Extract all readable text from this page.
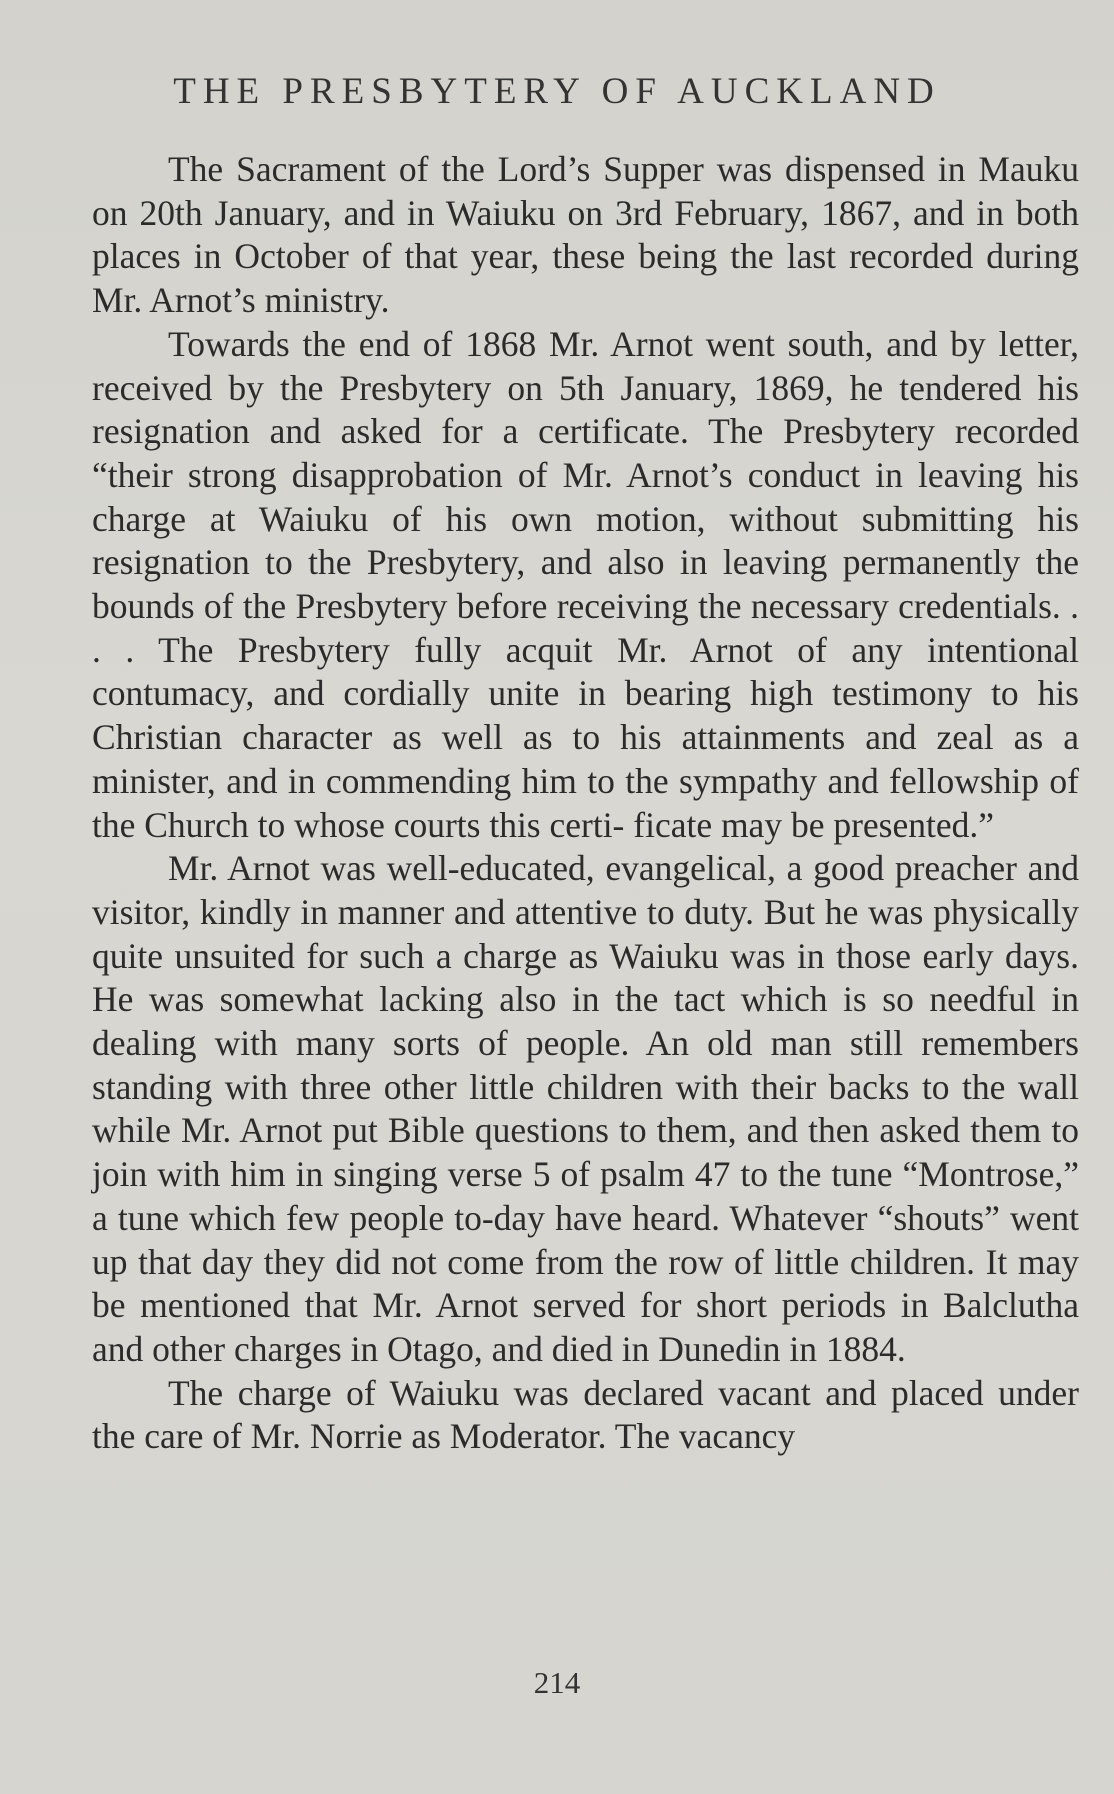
THE PRESBYTERY OF AUCKLAND

The Sacrament of the Lord’s Supper was dispensed in Mauku on 20th January, and in Waiuku on 3rd February, 1867, and in both places in October of that year, these being the last recorded during Mr. Arnot’s ministry.

Towards the end of 1868 Mr. Arnot went south, and by letter, received by the Presbytery on 5th January, 1869, he tendered his resignation and asked for a certificate. The Presbytery recorded “their strong disapprobation of Mr. Arnot’s conduct in leaving his charge at Waiuku of his own motion, without submitting his resignation to the Presbytery, and also in leaving permanently the bounds of the Presbytery before receiving the necessary credentials. . . . The Presbytery fully acquit Mr. Arnot of any intentional contumacy, and cordially unite in bearing high testimony to his Christian character as well as to his attainments and zeal as a minister, and in commending him to the sympathy and fellowship of the Church to whose courts this certi- ficate may be presented.”

Mr. Arnot was well-educated, evangelical, a good preacher and visitor, kindly in manner and attentive to duty. But he was physically quite unsuited for such a charge as Waiuku was in those early days. He was somewhat lacking also in the tact which is so needful in dealing with many sorts of people. An old man still remembers standing with three other little children with their backs to the wall while Mr. Arnot put Bible questions to them, and then asked them to join with him in singing verse 5 of psalm 47 to the tune “Montrose,” a tune which few people to-day have heard. Whatever “shouts” went up that day they did not come from the row of little children. It may be mentioned that Mr. Arnot served for short periods in Balclutha and other charges in Otago, and died in Dunedin in 1884.

The charge of Waiuku was declared vacant and placed under the care of Mr. Norrie as Moderator. The vacancy

214
